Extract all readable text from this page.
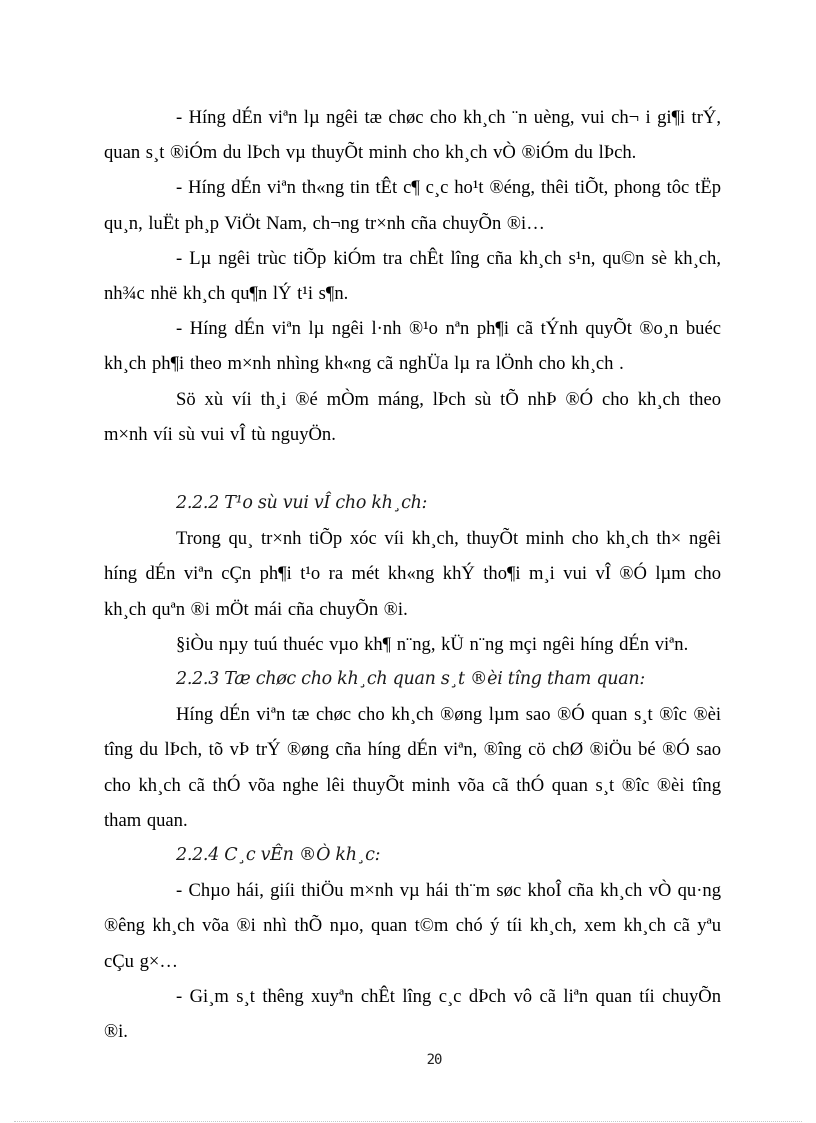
- Híng dÉn viªn lµ ngêi tæ chøc cho kh¸ch ¨n uèng, vui ch¬ i gi¶i trÝ, quan s¸t ®iÓm du lÞch vµ thuyÕt minh cho kh¸ch vÒ ®iÓm du lÞch.

- Híng dÉn viªn th«ng tin tÊt c¶ c¸c ho¹t ®éng, thêi tiÕt, phong tôc tËp qu¸n, luËt ph¸p ViÖt Nam, ch¬ng tr×nh cña chuyÕn ®i…

- Lµ ngêi trùc tiÕp kiÓm tra chÊt lîng cña kh¸ch s¹n, qu©n sè kh¸ch, nh¾c nhë kh¸ch qu¶n lÝ t¹i s¶n.

- Híng dÉn viªn lµ ngêi l·nh ®¹o nªn ph¶i cã tÝnh quyÕt ®o¸n buéc kh¸ch ph¶i theo m×nh nhìng kh«ng cã nghÜa lµ ra lÖnh cho kh¸ch .

Sö xù víi th¸i ®é mÒm máng, lÞch sù tÕ nhÞ ®Ó cho kh¸ch theo m×nh víi sù vui vÎ tù nguyÖn.

2.2.2 T¹o sù vui vÎ cho kh¸ch:

Trong qu¸ tr×nh tiÕp xóc víi kh¸ch, thuyÕt minh cho kh¸ch th× ngêi híng dÉn viªn cÇn ph¶i t¹o ra mét kh«ng khÝ tho¶i m¸i vui vÎ ®Ó lµm cho kh¸ch quªn ®i mÖt mái cña chuyÕn ®i.

§iÒu nµy tuú thuéc vµo kh¶ n¨ng, kÜ n¨ng mçi ngêi híng dÉn viªn.

2.2.3 Tæ chøc cho kh¸ch quan s¸t ®èi tîng tham quan:

Híng dÉn viªn tæ chøc cho kh¸ch ®øng lµm sao ®Ó quan s¸t ®îc ®èi tîng du lÞch, tõ vÞ trÝ ®øng cña híng dÉn viªn, ®îng cö chØ ®iÖu bé ®Ó sao cho kh¸ch cã thÓ võa nghe lêi thuyÕt minh võa cã thÓ quan s¸t ®îc ®èi tîng tham quan.

2.2.4 C¸c vÊn ®Ò kh¸c:

- Chµo hái, giíi thiÖu m×nh vµ hái th¨m søc khoÎ cña kh¸ch vÒ qu·ng ®êng kh¸ch võa ®i nhì thÕ nµo, quan t©m chó ý tíi kh¸ch, xem kh¸ch cã yªu cÇu g×…

- Gi¸m s¸t thêng xuyªn chÊt lîng c¸c dÞch vô cã liªn quan tíi chuyÕn ®i.

20
